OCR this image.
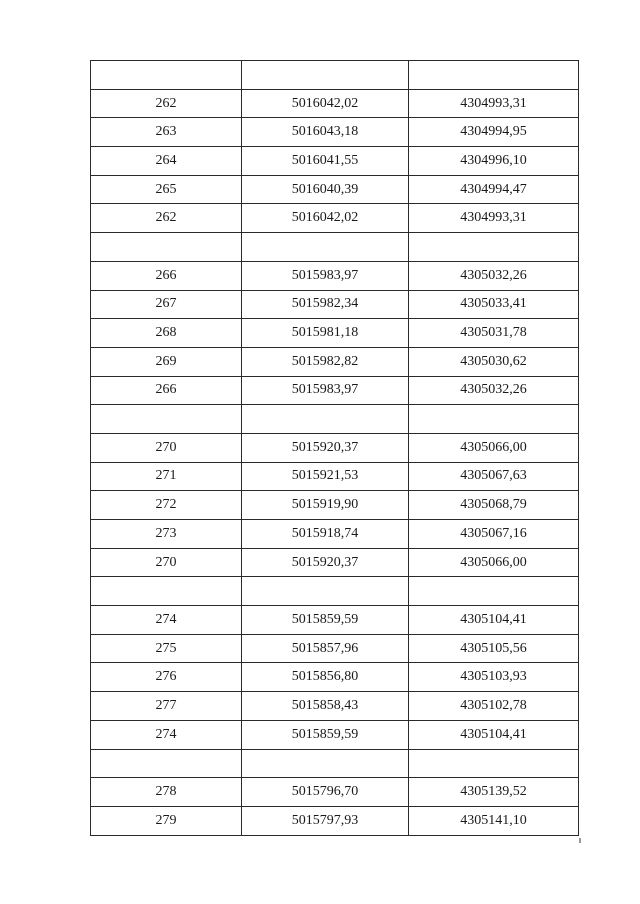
262	5016042,02	4304993,31
263	5016043,18	4304994,95
264	5016041,55	4304996,10
265	5016040,39	4304994,47
262	5016042,02	4304993,31

266	5015983,97	4305032,26
267	5015982,34	4305033,41
268	5015981,18	4305031,78
269	5015982,82	4305030,62
266	5015983,97	4305032,26

270	5015920,37	4305066,00
271	5015921,53	4305067,63
272	5015919,90	4305068,79
273	5015918,74	4305067,16
270	5015920,37	4305066,00

274	5015859,59	4305104,41
275	5015857,96	4305105,56
276	5015856,80	4305103,93
277	5015858,43	4305102,78
274	5015859,59	4305104,41

278	5015796,70	4305139,52
279	5015797,93	4305141,10
